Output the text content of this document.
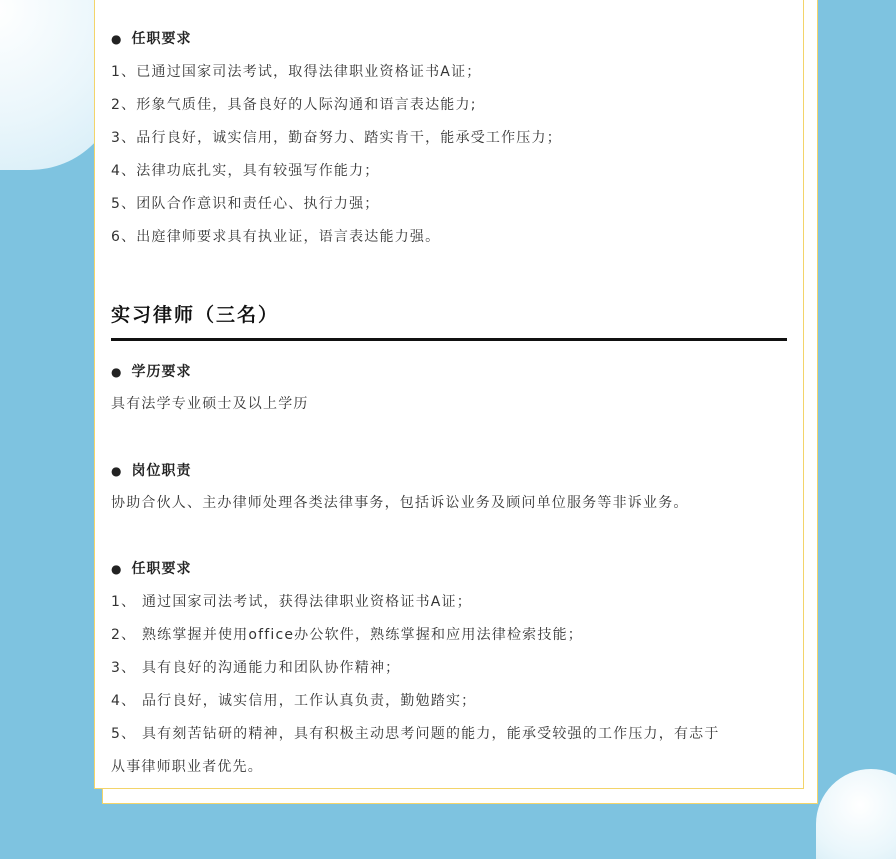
● 任职要求
1、已通过国家司法考试，取得法律职业资格证书A证；
2、形象气质佳，具备良好的人际沟通和语言表达能力;
3、品行良好，诚实信用，勤奋努力、踏实肯干，能承受工作压力；
4、法律功底扎实，具有较强写作能力；
5、团队合作意识和责任心、执行力强；
6、出庭律师要求具有执业证，语言表达能力强。
实习律师（三名）
● 学历要求
具有法学专业硕士及以上学历
● 岗位职责
协助合伙人、主办律师处理各类法律事务，包括诉讼业务及顾问单位服务等非诉业务。
● 任职要求
1、 通过国家司法考试，获得法律职业资格证书A证；
2、 熟练掌握并使用office办公软件，熟练掌握和应用法律检索技能；
3、 具有良好的沟通能力和团队协作精神；
4、 品行良好，诚实信用，工作认真负责，勤勉踏实；
5、 具有刻苦钻研的精神，具有积极主动思考问题的能力，能承受较强的工作压力，有志于
从事律师职业者优先。
